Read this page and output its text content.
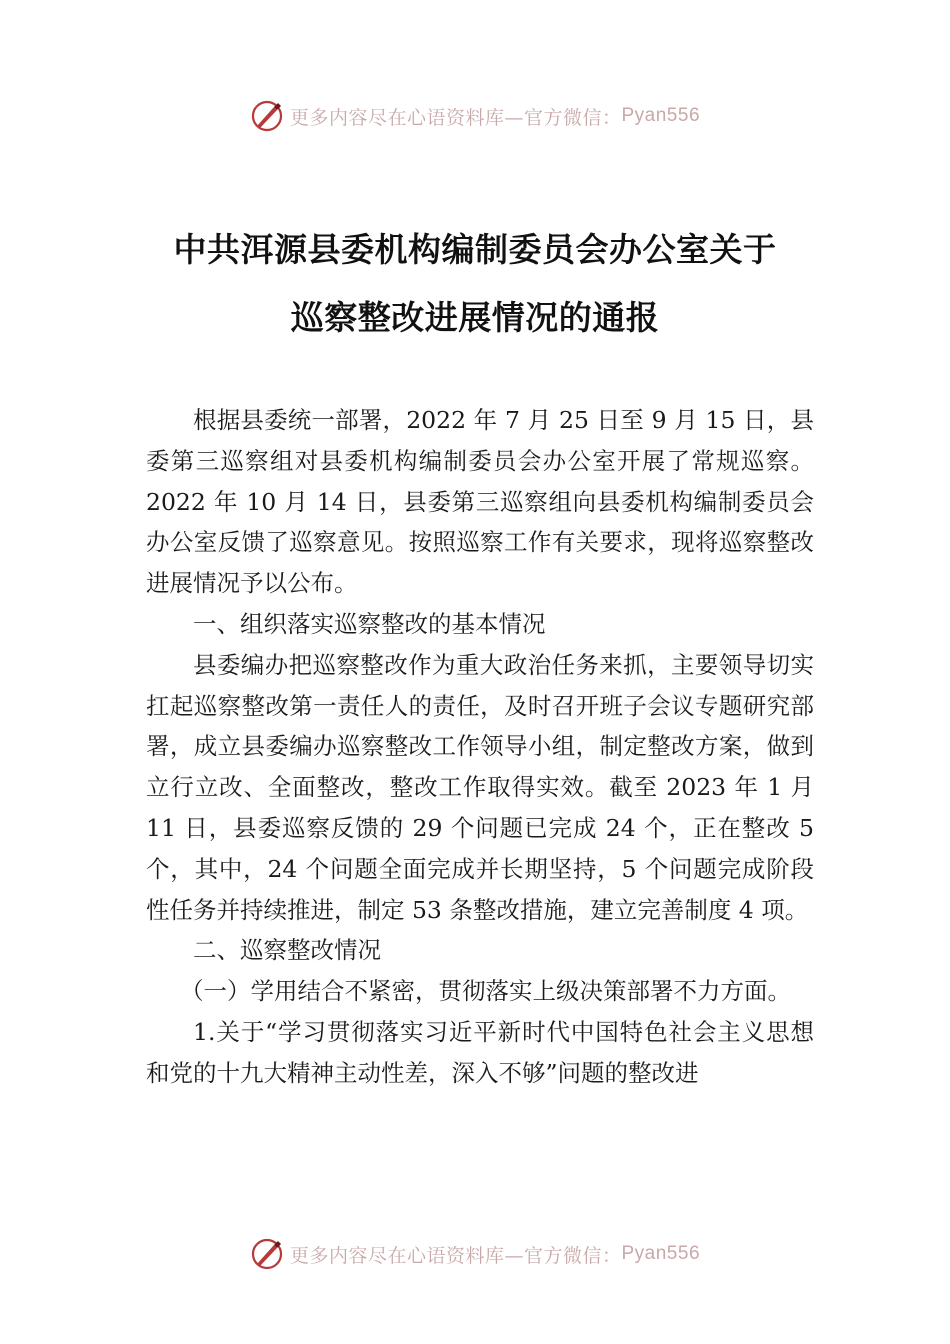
更多内容尽在心语资料库—官方微信： Pyan556
中共洱源县委机构编制委员会办公室关于
巡察整改进展情况的通报

根据县委统一部署，2022 年 7 月 25 日至 9 月 15 日，县委第三巡察组对县委机构编制委员会办公室开展了常规巡察。2022 年 10 月 14 日，县委第三巡察组向县委机构编制委员会办公室反馈了巡察意见。按照巡察工作有关要求，现将巡察整改进展情况予以公布。

一、组织落实巡察整改的基本情况

县委编办把巡察整改作为重大政治任务来抓，主要领导切实扛起巡察整改第一责任人的责任，及时召开班子会议专题研究部署，成立县委编办巡察整改工作领导小组，制定整改方案，做到立行立改、全面整改，整改工作取得实效。截至 2023 年 1 月 11 日，县委巡察反馈的 29 个问题已完成 24 个，正在整改 5 个，其中，24 个问题全面完成并长期坚持，5 个问题完成阶段性任务并持续推进，制定 53 条整改措施，建立完善制度 4 项。

二、巡察整改情况

（一）学用结合不紧密，贯彻落实上级决策部署不力方面。

1.关于“学习贯彻落实习近平新时代中国特色社会主义思想和党的十九大精神主动性差，深入不够”问题的整改进

更多内容尽在心语资料库—官方微信： Pyan556
